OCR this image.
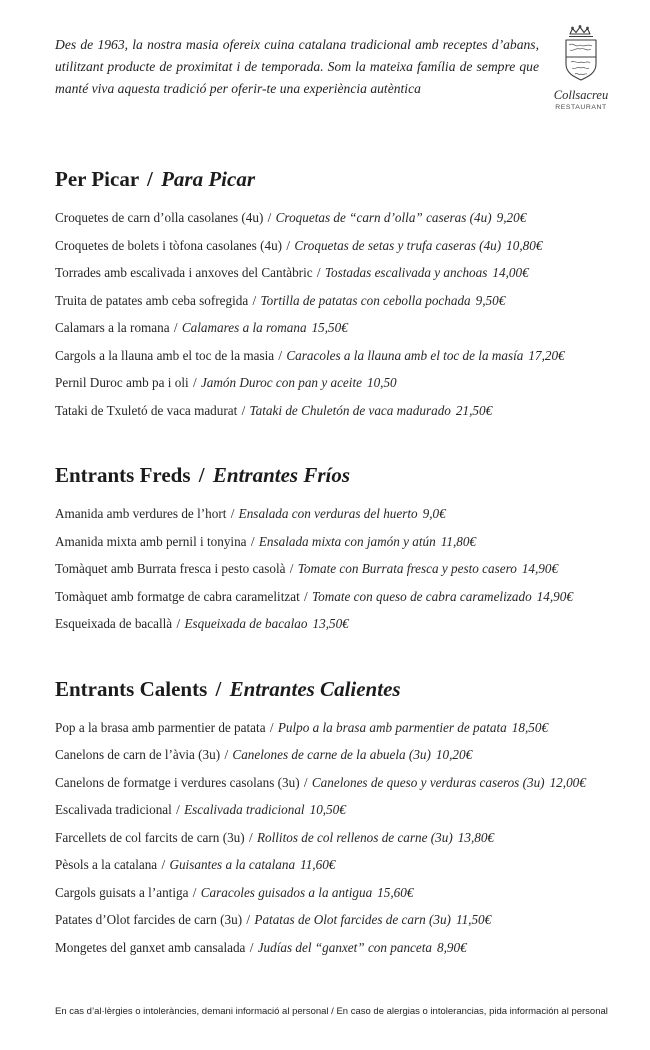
Des de 1963, la nostra masia ofereix cuina catalana tradicional amb receptes d’abans, utilitzant producte de proximitat i de temporada. Som la mateixa família de sempre que manté viva aquesta tradició per oferir-te una experiència autèntica	Collsacreu
RESTAURANT
Per Picar / Para Picar

Croquetes de carn d’olla casolanes (4u) / Croquetas de “carn d’olla” caseras (4u) 9,20€

Croquetes de bolets i tòfona casolanes (4u) / Croquetas de setas y trufa caseras (4u) 10,80€

Torrades amb escalivada i anxoves del Cantàbric / Tostadas escalivada y anchoas 14,00€

Truita de patates amb ceba sofregida / Tortilla de patatas con cebolla pochada 9,50€

Calamars a la romana / Calamares a la romana 15,50€

Cargols a la llauna amb el toc de la masia / Caracoles a la llauna amb el toc de la masía 17,20€

Pernil Duroc amb pa i oli / Jamón Duroc con pan y aceite 10,50

Tataki de Txuletó de vaca madurat / Tataki de Chuletón de vaca madurado 21,50€

Entrants Freds / Entrantes Fríos

Amanida amb verdures de l’hort / Ensalada con verduras del huerto 9,0€

Amanida mixta amb pernil i tonyina / Ensalada mixta con jamón y atún 11,80€

Tomàquet amb Burrata fresca i pesto casolà / Tomate con Burrata fresca y pesto casero 14,90€

Tomàquet amb formatge de cabra caramelitzat / Tomate con queso de cabra caramelizado 14,90€

Esqueixada de bacallà / Esqueixada de bacalao 13,50€

Entrants Calents / Entrantes Calientes

Pop a la brasa amb parmentier de patata / Pulpo a la brasa amb parmentier de patata 18,50€

Canelons de carn de l’àvia (3u) / Canelones de carne de la abuela (3u) 10,20€

Canelons de formatge i verdures casolans (3u) / Canelones de queso y verduras caseros (3u) 12,00€

Escalivada tradicional / Escalivada tradicional 10,50€

Farcellets de col farcits de carn (3u) / Rollitos de col rellenos de carne (3u) 13,80€

Pèsols a la catalana / Guisantes a la catalana 11,60€

Cargols guisats a l’antiga / Caracoles guisados a la antigua 15,60€

Patates d’Olot farcides de carn (3u) / Patatas de Olot farcides de carn (3u) 11,50€

Mongetes del ganxet amb cansalada / Judías del “ganxet” con panceta 8,90€

En cas d’al·lèrgies o intoleràncies, demani informació al personal / En caso de alergias o intolerancias, pida información al personal
